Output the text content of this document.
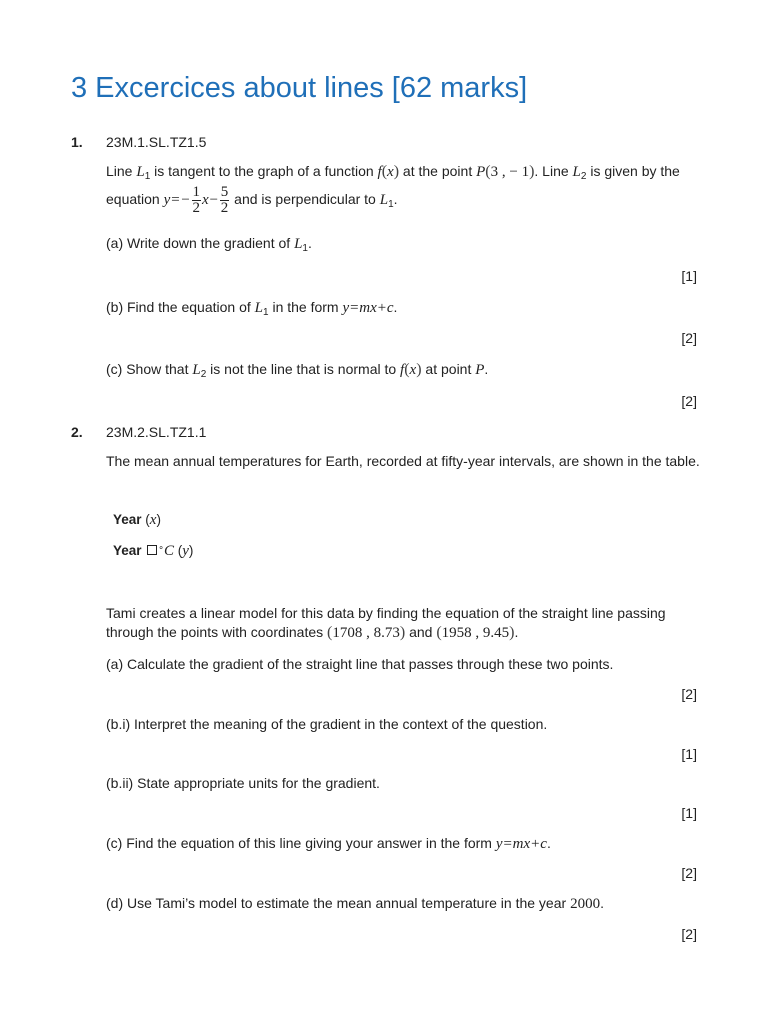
3 Excercices about lines [62 marks]
1. 23M.1.SL.TZ1.5
Line $L_1$ is tangent to the graph of a function f(x) at the point P(3 , − 1). Line $L_2$ is given by the
equation $y=- \frac{1}{2} x- \frac{5}{2}$ and is perpendicular to $L_1$.
(a) Write down the gradient of $L_1$.
[1]
(b) Find the equation of $L_1$ in the form y=mx+c.
[2]
(c) Show that $L_2$ is not the line that is normal to f(x) at point P.
[2]
2. 23M.2.SL.TZ1.1
The mean annual temperatures for Earth, recorded at fifty-year intervals, are shown in the table.
Year (x)
Year ∘C (y)
Tami creates a linear model for this data by finding the equation of the straight line passing
through the points with coordinates (1708 , 8.73) and (1958 , 9.45).
(a) Calculate the gradient of the straight line that passes through these two points.
[2]
(b.i) Interpret the meaning of the gradient in the context of the question.
[1]
(b.ii) State appropriate units for the gradient.
[1]
(c) Find the equation of this line giving your answer in the form y=mx+c.
[2]
(d) Use Tami’s model to estimate the mean annual temperature in the year 2000.
[2]
